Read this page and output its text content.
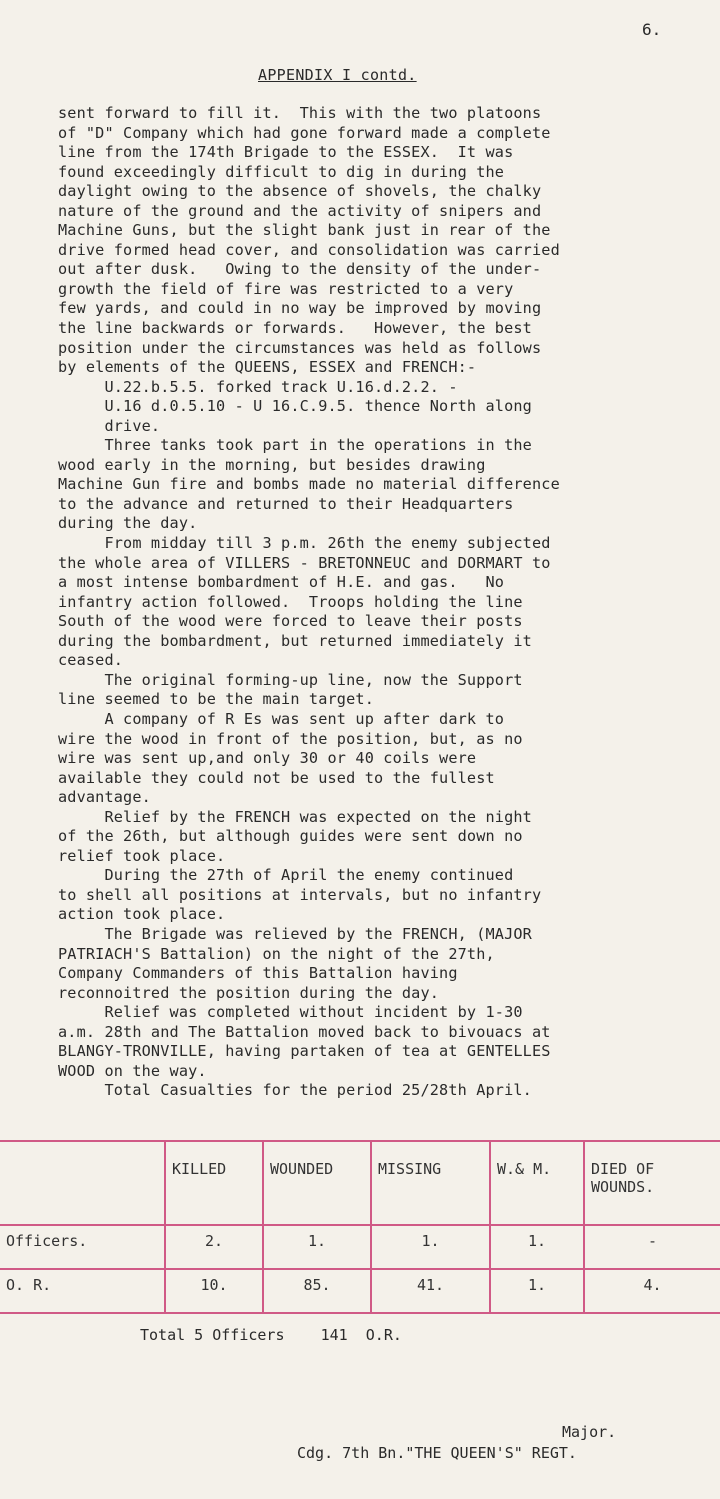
6.
APPENDIX I contd.
sent forward to fill it.  This with the two platoons
of "D" Company which had gone forward made a complete
line from the 174th Brigade to the ESSEX.  It was
found exceedingly difficult to dig in during the
daylight owing to the absence of shovels, the chalky
nature of the ground and the activity of snipers and
Machine Guns, but the slight bank just in rear of the
drive formed head cover, and consolidation was carried
out after dusk.   Owing to the density of the under-
growth the field of fire was restricted to a very
few yards, and could in no way be improved by moving
the line backwards or forwards.   However, the best
position under the circumstances was held as follows
by elements of the QUEENS, ESSEX and FRENCH:-
U.22.b.5.5. forked track U.16.d.2.2. -
U.16 d.0.5.10 - U 16.C.9.5. thence North along
drive.
Three tanks took part in the operations in the
wood early in the morning, but besides drawing
Machine Gun fire and bombs made no material difference
to the advance and returned to their Headquarters
during the day.
From midday till 3 p.m. 26th the enemy subjected
the whole area of VILLERS - BRETONNEUC and DORMART to
a most intense bombardment of H.E. and gas.   No
infantry action followed.  Troops holding the line
South of the wood were forced to leave their posts
during the bombardment, but returned immediately it
ceased.
The original forming-up line, now the Support
line seemed to be the main target.
A company of R Es was sent up after dark to
wire the wood in front of the position, but, as no
wire was sent up,and only 30 or 40 coils were
available they could not be used to the fullest
advantage.
Relief by the FRENCH was expected on the night
of the 26th, but although guides were sent down no
relief took place.
During the 27th of April the enemy continued
to shell all positions at intervals, but no infantry
action took place.
The Brigade was relieved by the FRENCH, (MAJOR
PATRIACH'S Battalion) on the night of the 27th,
Company Commanders of this Battalion having
reconnoitred the position during the day.
Relief was completed without incident by 1-30
a.m. 28th and The Battalion moved back to bivouacs at
BLANGY-TRONVILLE, having partaken of tea at GENTELLES
WOOD on the way.
Total Casualties for the period 25/28th April.
	KILLED	WOUNDED	MISSING	W.& M.	DIED OF WOUNDS.
Officers.	2.	1.	1.	1.	-
O. R.	10.	85.	41.	1.	4.
Total 5 Officers    141  O.R.
Major.
Cdg. 7th Bn."THE QUEEN'S" REGT.
